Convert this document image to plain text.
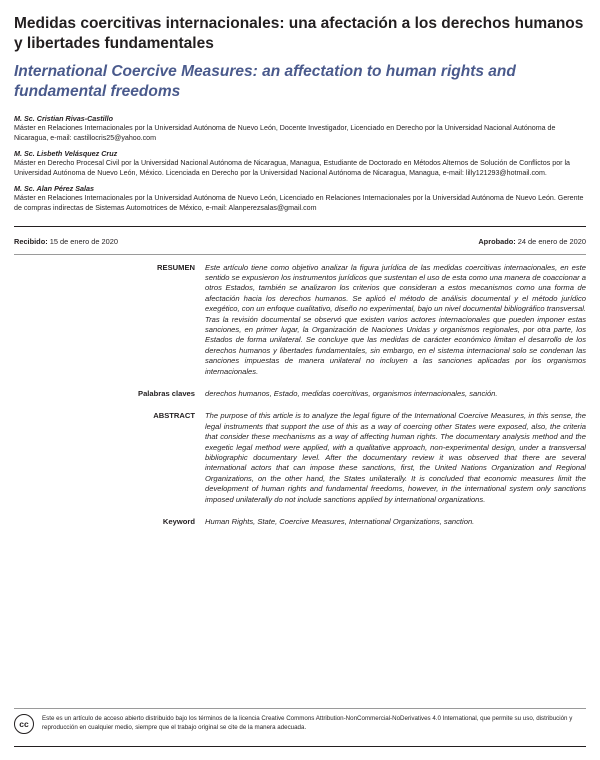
Medidas coercitivas internacionales: una afectación a los derechos humanos y libertades fundamentales
International Coercive Measures: an affectation to human rights and fundamental freedoms
M. Sc. Cristian Rivas-Castillo
Máster en Relaciones Internacionales por la Universidad Autónoma de Nuevo León, Docente Investigador, Licenciado en Derecho por la Universidad Nacional Autónoma de Nicaragua, e-mail: castillocris25@yahoo.com
M. Sc. Lisbeth Velásquez Cruz
Máster en Derecho Procesal Civil por la Universidad Nacional Autónoma de Nicaragua, Managua, Estudiante de Doctorado en Métodos Alternos de Solución de Conflictos por la Universidad Autónoma de Nuevo León, México. Licenciada en Derecho por la Universidad Nacional Autónoma de Nicaragua, Managua, e-mail: lilly121293@hotmail.com.
M. Sc. Alan Pérez Salas
Máster en Relaciones Internacionales por la Universidad Autónoma de Nuevo León, Licenciado en Relaciones Internacionales por la Universidad Autónoma de Nuevo León. Gerente de compras indirectas de Sistemas Automotrices de México, e-mail: Alanperezsalas@gmail.com
Recibido: 15 de enero de 2020	Aprobado: 24 de enero de 2020
RESUMEN	Este artículo tiene como objetivo analizar la figura jurídica de las medidas coercitivas internacionales, en este sentido se expusieron los instrumentos jurídicos que sustentan el uso de esta como una manera de coaccionar a otros Estados, también se analizaron los criterios que consideran a estos mecanismos como una forma de afectación hacia los derechos humanos. Se aplicó el método de análisis documental y el método jurídico exegético, con un enfoque cualitativo, diseño no experimental, bajo un nivel documental bibliográfico transversal. Tras la revisión documental se observó que existen varios actores internacionales que pueden imponer estas sanciones, en primer lugar, la Organización de Naciones Unidas y organismos regionales, por otra parte, los Estados de forma unilateral. Se concluye que las medidas de carácter económico limitan el desarrollo de los derechos humanos y libertades fundamentales, sin embargo, en el sistema internacional solo se condenan las sanciones impuestas de manera unilateral no incluyen a las sanciones aplicadas por los organismos internacionales.
Palabras claves	derechos humanos, Estado, medidas coercitivas, organismos internacionales, sanción.
ABSTRACT	The purpose of this article is to analyze the legal figure of the International Coercive Measures, in this sense, the legal instruments that support the use of this as a way of coercing other States were exposed, also, the criteria that consider these mechanisms as a way of affecting human rights. The documentary analysis method and the exegetic legal method were applied, with a qualitative approach, non-experimental design, under a transversal bibliographic documentary level. After the documentary review it was observed that there are several international actors that can impose these sanctions, first, the United Nations Organization and Regional Organizations, on the other hand, the States unilaterally. It is concluded that economic measures limit the development of human rights and fundamental freedoms, however, in the international system only sanctions imposed unilaterally do not include sanctions applied by international organizations.
Keyword	Human Rights, State, Coercive Measures, International Organizations, sanction.
cc
Este es un artículo de acceso abierto distribuido bajo los términos de la licencia Creative Commons Attribution-NonCommercial-NoDerivatives 4.0 International, que permite su uso, distribución y reproducción en cualquier medio, siempre que el trabajo original se cite de la manera adecuada.
